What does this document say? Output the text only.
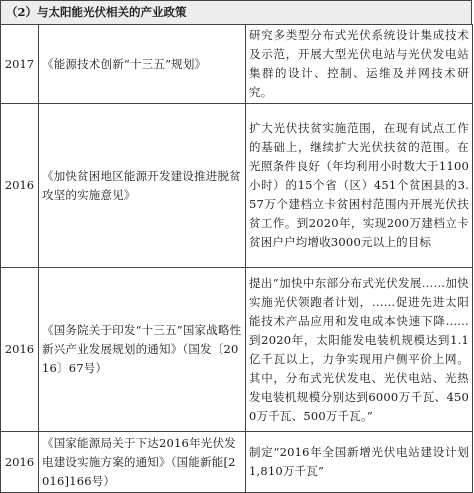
（2）与太阳能光伏相关的产业政策
2017	《能源技术创新“十三五”规划》	研究多类型分布式光伏系统设计集成技术及示范，开展大型光伏电站与光伏发电站集群的设计、控制、运维及并网技术研究。
2016	《加快贫困地区能源开发建设推进脱贫攻坚的实施意见》	扩大光伏扶贫实施范围，在现有试点工作的基础上，继续扩大光伏扶贫的范围。在光照条件良好（年均利用小时数大于1100小时）的15个省（区）451个贫困县的3.57万个建档立卡贫困村范围内开展光伏扶贫工作。到2020年，实现200万建档立卡贫困户户均增收3000元以上的目标
2016	《国务院关于印发“十三五”国家战略性新兴产业发展规划的通知》（国发〔2016〕67号）	提出“加快中东部分布式光伏发展……加快实施光伏领跑者计划，……促进先进太阳能技术产品应用和发电成本快速下降……到2020年，太阳能发电装机规模达到1.1亿千瓦以上，力争实现用户侧平价上网。其中，分布式光伏发电、光伏电站、光热发电装机规模分别达到6000万千瓦、4500万千瓦、500万千瓦。”
2016	《国家能源局关于下达2016年光伏发电建设实施方案的通知》（国能新能[2016]166号）	制定“2016年全国新增光伏电站建设计划1,810万千瓦”
